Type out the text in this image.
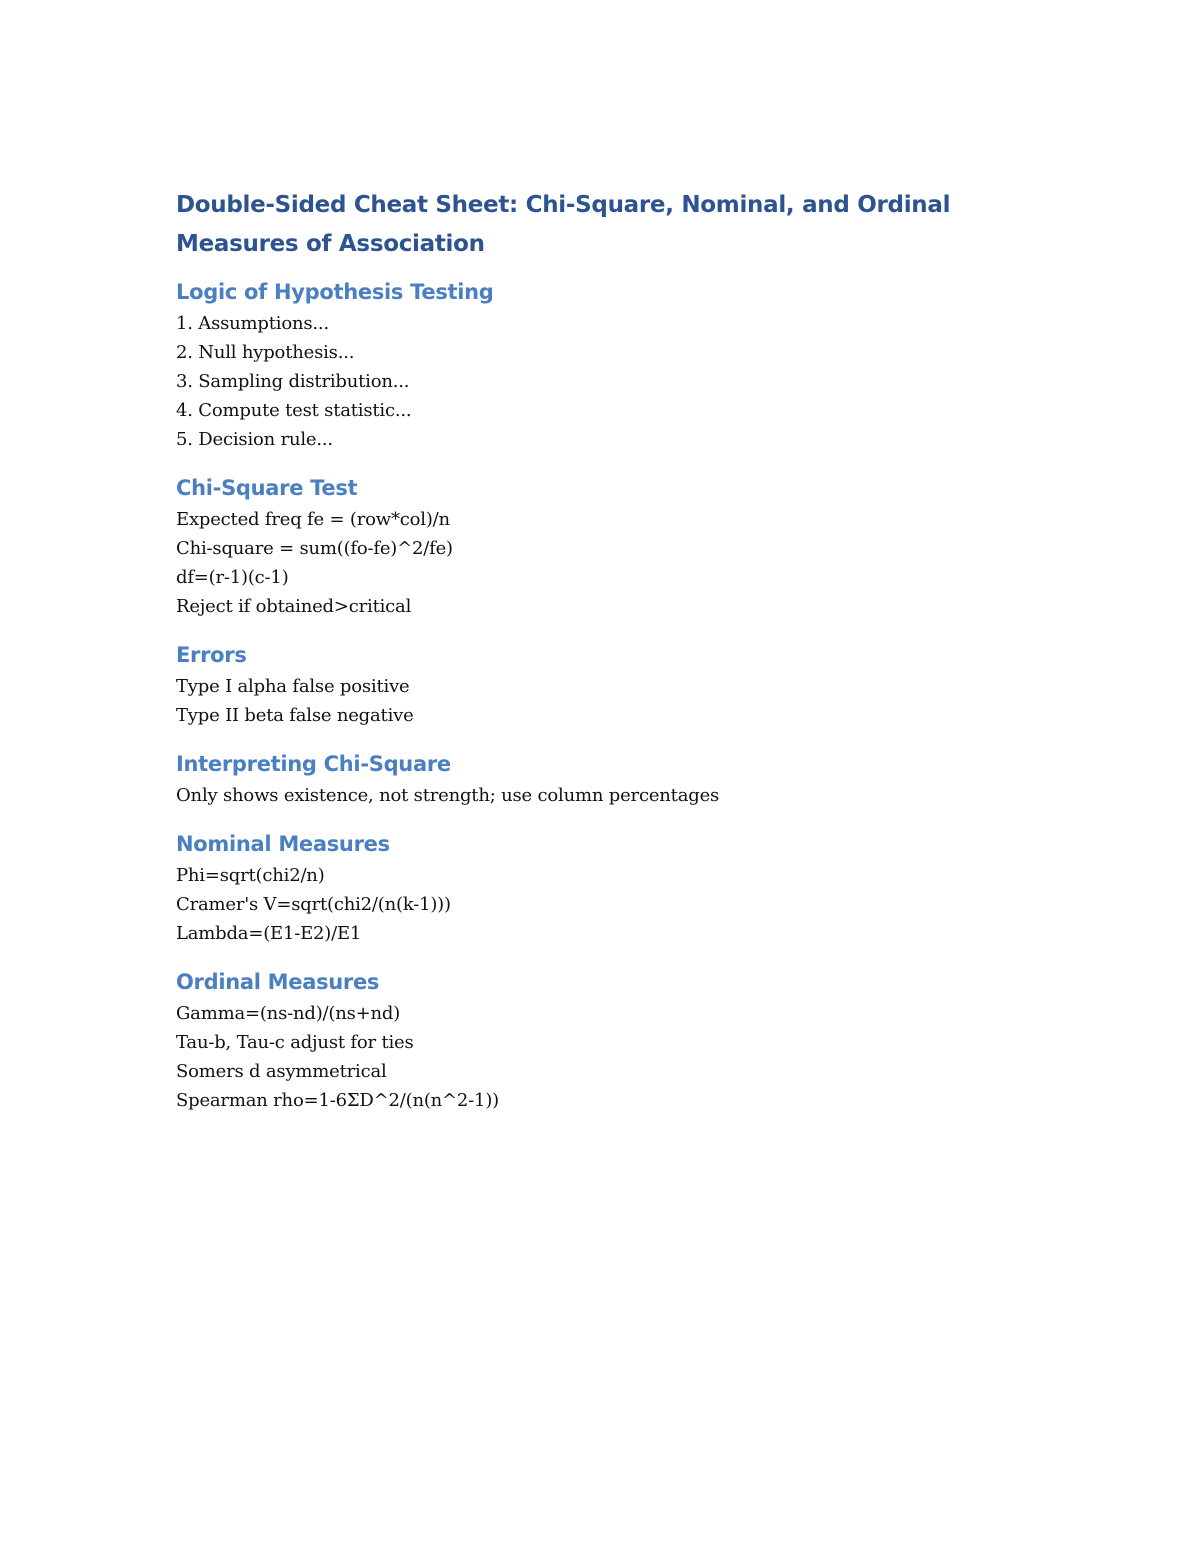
Double-Sided Cheat Sheet: Chi-Square, Nominal, and Ordinal Measures of Association
Logic of Hypothesis Testing

1. Assumptions...

2. Null hypothesis...

3. Sampling distribution...

4. Compute test statistic...

5. Decision rule...

Chi-Square Test

Expected freq fe = (row*col)/n

Chi-square = sum((fo-fe)^2/fe)

df=(r-1)(c-1)

Reject if obtained>critical

Errors

Type I alpha false positive

Type II beta false negative

Interpreting Chi-Square

Only shows existence, not strength; use column percentages

Nominal Measures

Phi=sqrt(chi2/n)

Cramer's V=sqrt(chi2/(n(k-1)))

Lambda=(E1-E2)/E1

Ordinal Measures

Gamma=(ns-nd)/(ns+nd)

Tau-b, Tau-c adjust for ties

Somers d asymmetrical

Spearman rho=1-6ΣD^2/(n(n^2-1))
